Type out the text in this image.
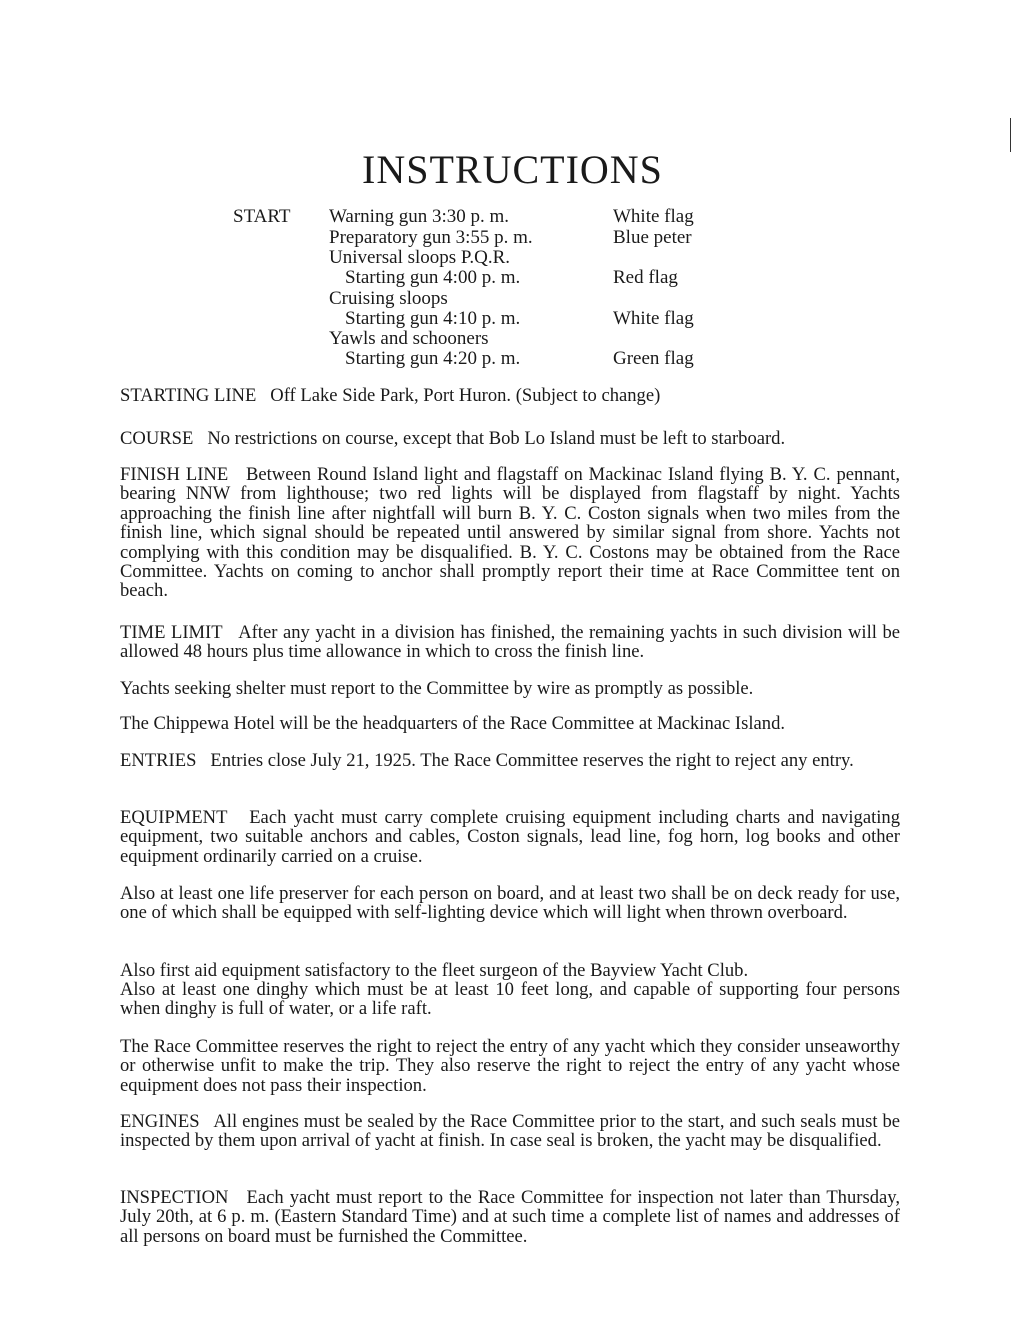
INSTRUCTIONS
START Warning gun 3:30 p. m.	White flag
Preparatory gun 3:55 p. m.	Blue peter
Universal sloops P.Q.R.
Starting gun 4:00 p. m.	Red flag
Cruising sloops
Starting gun 4:10 p. m.	White flag
Yawls and schooners
Starting gun 4:20 p. m.	Green flag

STARTING LINE Off Lake Side Park, Port Huron. (Subject to change)

COURSE No restrictions on course, except that Bob Lo Island must be left to starboard.

FINISH LINE Between Round Island light and flagstaff on Mackinac Island flying B. Y. C. pennant, bearing NNW from lighthouse; two red lights will be displayed from flagstaff by night. Yachts approaching the finish line after nightfall will burn B. Y. C. Coston signals when two miles from the finish line, which signal should be repeated until answered by similar signal from shore. Yachts not complying with this condition may be disqualified. B. Y. C. Costons may be obtained from the Race Committee. Yachts on coming to anchor shall promptly report their time at Race Committee tent on beach.

TIME LIMIT After any yacht in a division has finished, the remaining yachts in such division will be allowed 48 hours plus time allowance in which to cross the finish line.

Yachts seeking shelter must report to the Committee by wire as promptly as possible.

The Chippewa Hotel will be the headquarters of the Race Committee at Mackinac Island.

ENTRIES Entries close July 21, 1925. The Race Committee reserves the right to reject any entry.

EQUIPMENT Each yacht must carry complete cruising equipment including charts and navigating equipment, two suitable anchors and cables, Coston signals, lead line, fog horn, log books and other equipment ordinarily carried on a cruise.

Also at least one life preserver for each person on board, and at least two shall be on deck ready for use, one of which shall be equipped with self-lighting device which will light when thrown overboard.

Also first aid equipment satisfactory to the fleet surgeon of the Bayview Yacht Club.

Also at least one dinghy which must be at least 10 feet long, and capable of supporting four persons when dinghy is full of water, or a life raft.

The Race Committee reserves the right to reject the entry of any yacht which they consider unseaworthy or otherwise unfit to make the trip. They also reserve the right to reject the entry of any yacht whose equipment does not pass their inspection.

ENGINES All engines must be sealed by the Race Committee prior to the start, and such seals must be inspected by them upon arrival of yacht at finish. In case seal is broken, the yacht may be disqualified.

INSPECTION Each yacht must report to the Race Committee for inspection not later than Thursday, July 20th, at 6 p. m. (Eastern Standard Time) and at such time a complete list of names and addresses of all persons on board must be furnished the Committee.
